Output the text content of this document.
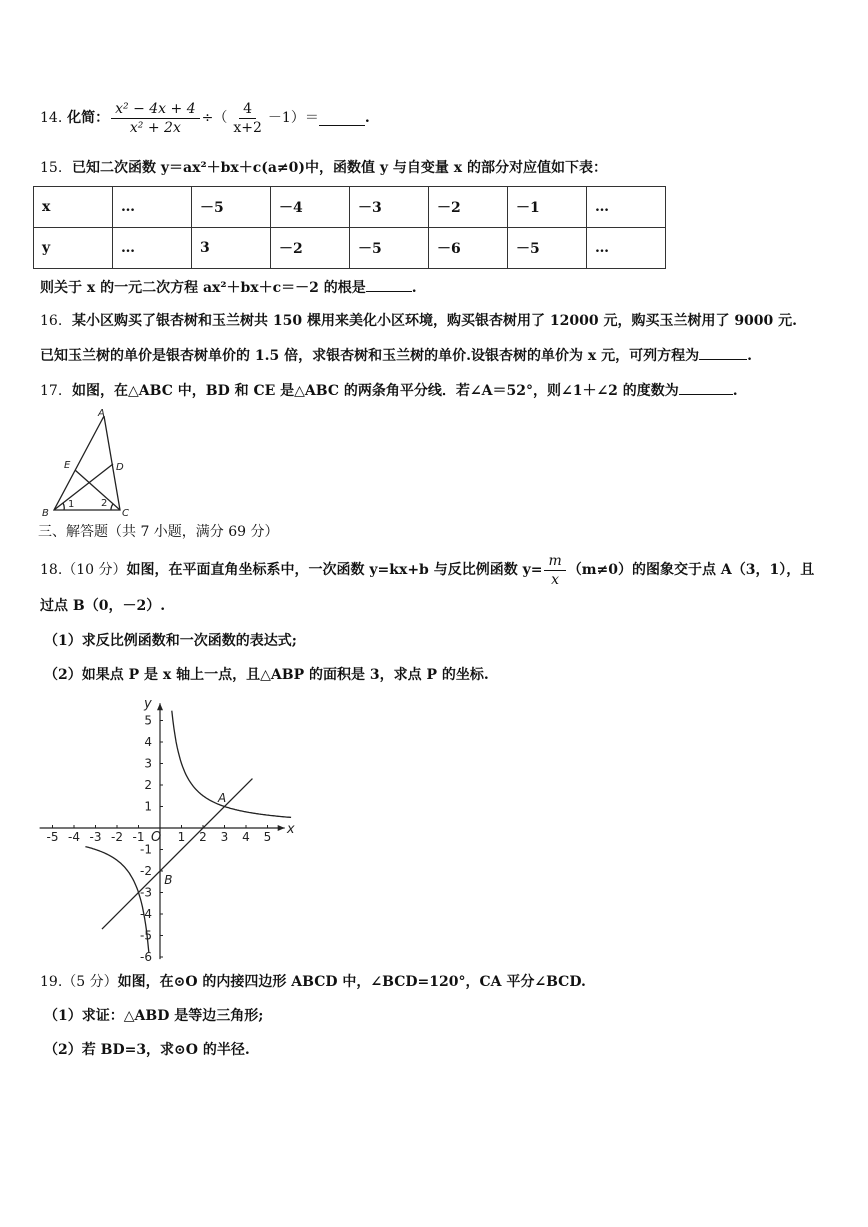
14.
化简： $\frac{\text{x² − 4x + 4}}{\text{x² + 2x}}$ ÷（ $\frac{4}{x+2} -1)=$	.
15. 已知二次函数 y＝ax²＋bx＋c(a≠0)中，函数值 y 与自变量 x 的部分对应值如下表：
x	…	－5	－4	－3	－2	－1	…
y	…	3	－2	－5	－6	－5	…
则关于 x 的一元二次方程 ax²＋bx＋c＝－2 的根是	.
16. 某小区购买了银杏树和玉兰树共 150 棵用来美化小区环境，购买银杏树用了 12000 元，购买玉兰树用了 9000 元.
已知玉兰树的单价是银杏树单价的 1.5 倍，求银杏树和玉兰树的单价.设银杏树的单价为 x 元，可列方程为	.
17. 如图，在△ABC 中，BD 和 CE 是△ABC 的两条角平分线．若∠A＝52°，则∠1＋∠2 的度数为	.
A
E	D
B	C
1	2
三、解答题（共 7 小题，满分 69 分）
18. （10 分） 如图，在平面直角坐标系中，一次函数 y=kx+b 与反比例函数 $y= \frac{m}{x} (m\ne 0)$的图象交于点 A（3，1），且
过点 B（0，－2）.
（1）求反比例函数和一次函数的表达式;
（2）如果点 P 是 x 轴上一点，且△ABP 的面积是 3，求点 P 的坐标.
-5 -4 -3 -2 -1	1 2 3 4 5
5
4
3
2
1
-1
-2
-3
-4
-5
-6
x
y
O
A
B
19.（5 分）如图，在⊙O 的内接四边形 ABCD 中，∠BCD=120°，CA 平分∠BCD.
（1）求证：△ABD 是等边三角形;
（2）若 BD=3，求⊙O 的半径.
